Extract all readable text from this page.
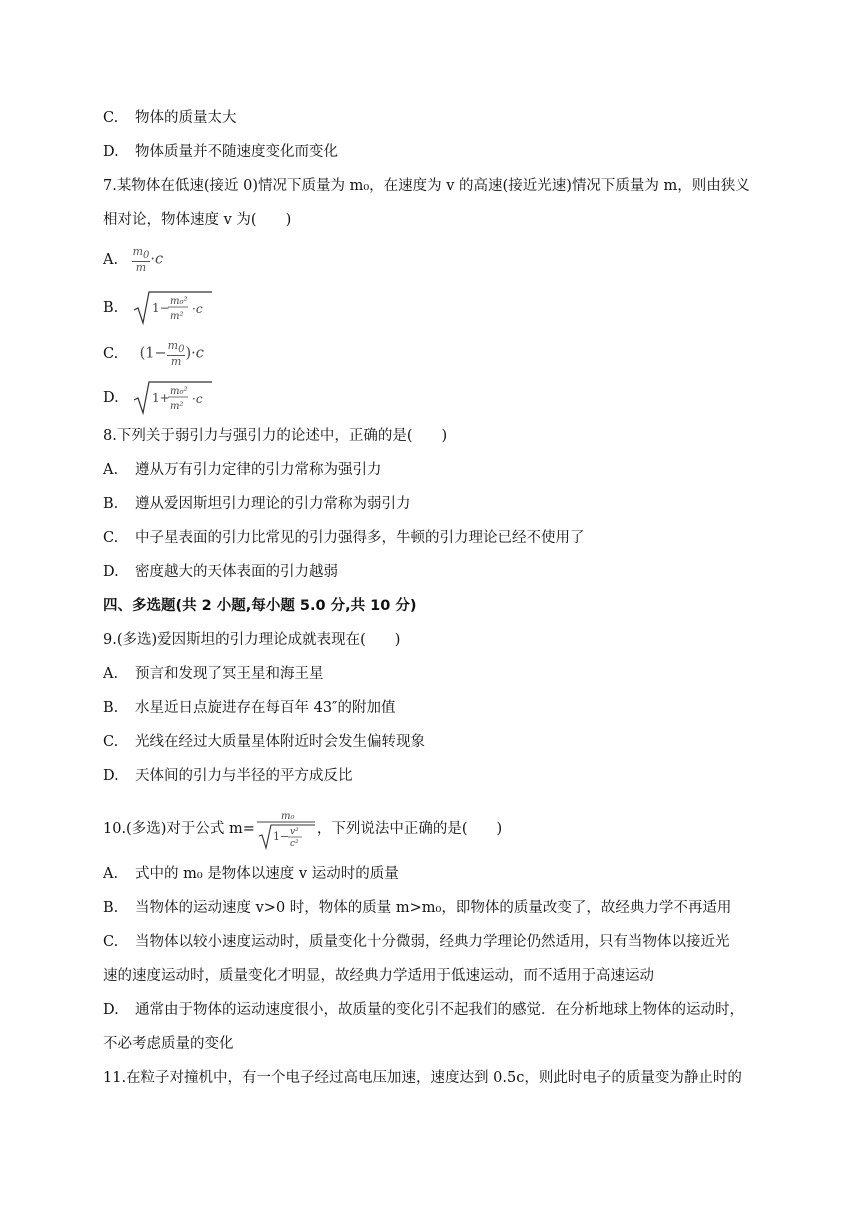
C. 物体的质量太大
D. 物体质量并不随速度变化而变化
7.某物体在低速(接近 0)情况下质量为 m₀，在速度为 v 的高速(接近光速)情况下质量为 m，则由狭义
相对论，物体速度 v 为(　　)
A. $\frac{m_0}{m} \cdot c$
B.	1− m₀²
m²
·c
C. $(1- \frac{m_0}{m} )\cdot c$
D.	1+ m₀²
m²
·c
8.下列关于弱引力与强引力的论述中，正确的是(　　)
A. 遵从万有引力定律的引力常称为强引力
B. 遵从爱因斯坦引力理论的引力常称为弱引力
C. 中子星表面的引力比常见的引力强得多，牛顿的引力理论已经不使用了
D. 密度越大的天体表面的引力越弱
四、多选题(共 2 小题,每小题 5.0 分,共 10 分)
9.(多选)爱因斯坦的引力理论成就表现在(　　)
A. 预言和发现了冥王星和海王星
B. 水星近日点旋进存在每百年 43″的附加值
C. 光线在经过大质量星体附近时会发生偏转现象
D. 天体间的引力与半径的平方成反比
10.(多选)对于公式 m=
m₀
1− v²
c²
，下列说法中正确的是(　　)
A. 式中的 m₀ 是物体以速度 v 运动时的质量
B. 当物体的运动速度 v>0 时，物体的质量 m>m₀，即物体的质量改变了，故经典力学不再适用
C. 当物体以较小速度运动时，质量变化十分微弱，经典力学理论仍然适用，只有当物体以接近光
速的速度运动时，质量变化才明显，故经典力学适用于低速运动，而不适用于高速运动
D. 通常由于物体的运动速度很小，故质量的变化引不起我们的感觉．在分析地球上物体的运动时，
不必考虑质量的变化
11.在粒子对撞机中，有一个电子经过高电压加速，速度达到 0.5c，则此时电子的质量变为静止时的
